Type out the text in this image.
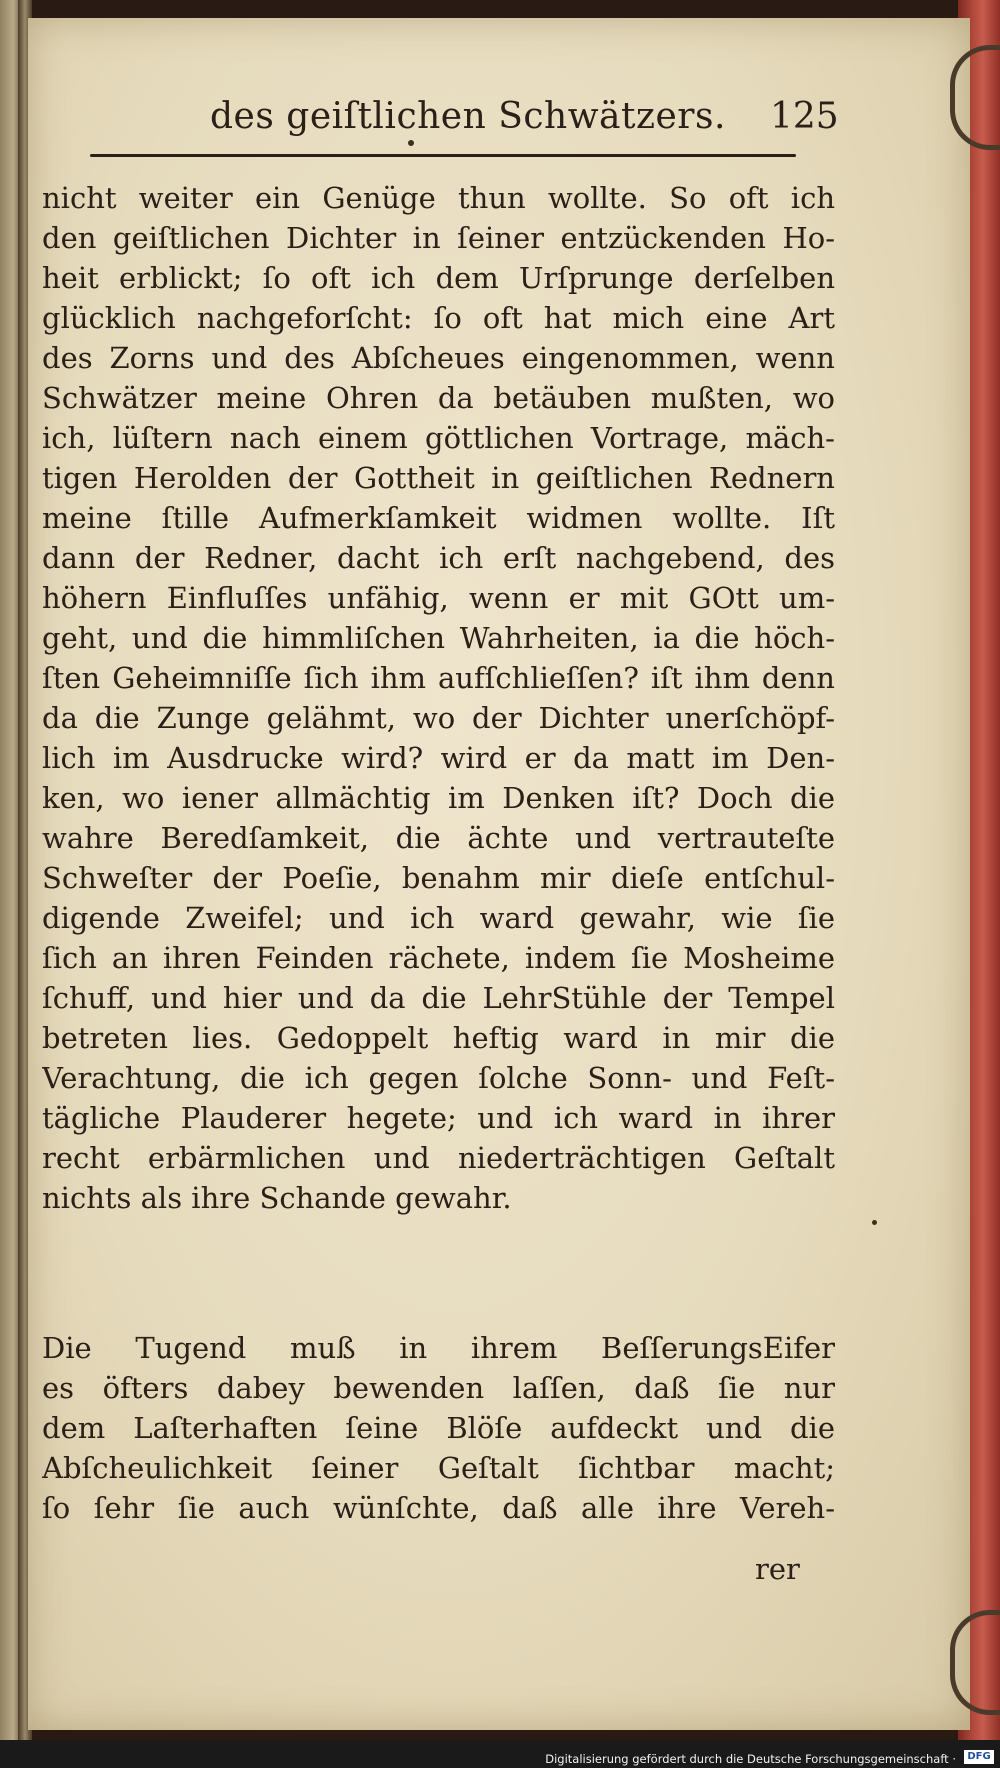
des geiſtlichen Schwätzers. 125
nicht weiter ein Genüge thun wollte. So oft ich
den geiſtlichen Dichter in ſeiner entzückenden Ho-
heit erblickt; ſo oft ich dem Urſprunge derſelben
glücklich nachgeforſcht: ſo oft hat mich eine Art
des Zorns und des Abſcheues eingenommen, wenn
Schwätzer meine Ohren da betäuben mußten, wo
ich, lüſtern nach einem göttlichen Vortrage, mäch-
tigen Herolden der Gottheit in geiſtlichen Rednern
meine ſtille Aufmerkſamkeit widmen wollte. Iſt
dann der Redner, dacht ich erſt nachgebend, des
höhern Einfluſſes unfähig, wenn er mit GOtt um-
geht, und die himmliſchen Wahrheiten, ia die höch-
ſten Geheimniſſe ſich ihm aufſchlieſſen? iſt ihm denn
da die Zunge gelähmt, wo der Dichter unerſchöpf-
lich im Ausdrucke wird? wird er da matt im Den-
ken, wo iener allmächtig im Denken iſt? Doch die
wahre Beredſamkeit, die ächte und vertrauteſte
Schweſter der Poeſie, benahm mir dieſe entſchul-
digende Zweifel; und ich ward gewahr, wie ſie
ſich an ihren Feinden rächete, indem ſie Mosheime
ſchuff, und hier und da die LehrStühle der Tempel
betreten lies. Gedoppelt heftig ward in mir die
Verachtung, die ich gegen ſolche Sonn- und Feſt-
tägliche Plauderer hegete; und ich ward in ihrer
recht erbärmlichen und niederträchtigen Geſtalt
nichts als ihre Schande gewahr.
Die Tugend muß in ihrem BeſſerungsEifer
es öfters dabey bewenden laſſen, daß ſie nur
dem Laſterhaften ſeine Blöſe aufdeckt und die
Abſcheulichkeit ſeiner Geſtalt ſichtbar macht;
ſo ſehr ſie auch wünſchte, daß alle ihre Vereh-
rer
Digitalisierung gefördert durch die Deutsche Forschungsgemeinschaft ·	DFG
